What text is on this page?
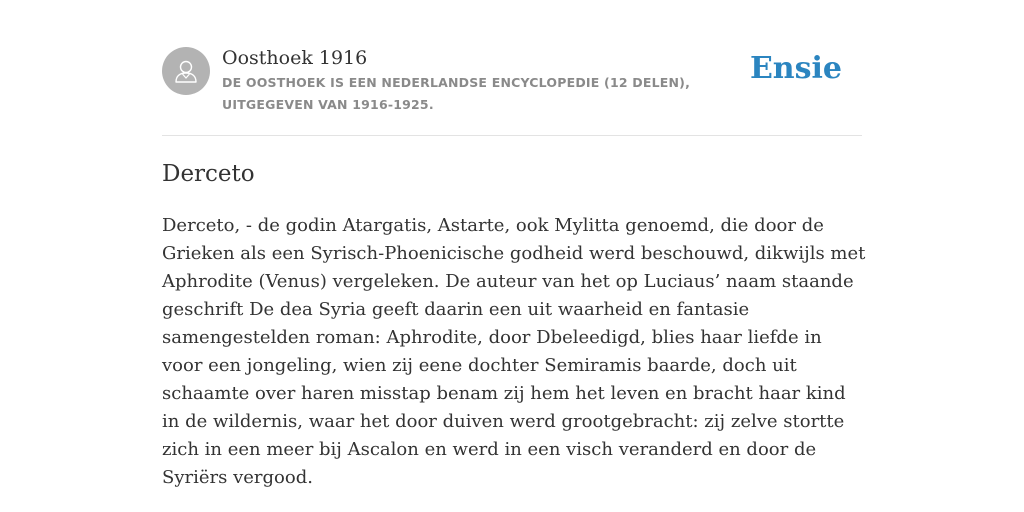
Oosthoek 1916
DE OOSTHOEK IS EEN NEDERLANDSE ENCYCLOPEDIE (12 DELEN), UITGEGEVEN VAN 1916-1925.
Ensie
Derceto

Derceto, - de godin Atargatis, Astarte, ook Mylitta genoemd, die door de Grieken als een Syrisch-Phoenicische godheid werd beschouwd, dikwijls met Aphrodite (Venus) vergeleken. De auteur van het op Luciaus’ naam staande geschrift De dea Syria geeft daarin een uit waarheid en fantasie samengestelden roman: Aphrodite, door Dbeleedigd, blies haar liefde in voor een jongeling, wien zij eene dochter Semiramis baarde, doch uit schaamte over haren misstap benam zij hem het leven en bracht haar kind in de wildernis, waar het door duiven werd grootgebracht: zij zelve stortte zich in een meer bij Ascalon en werd in een visch veranderd en door de Syriërs vergood.
